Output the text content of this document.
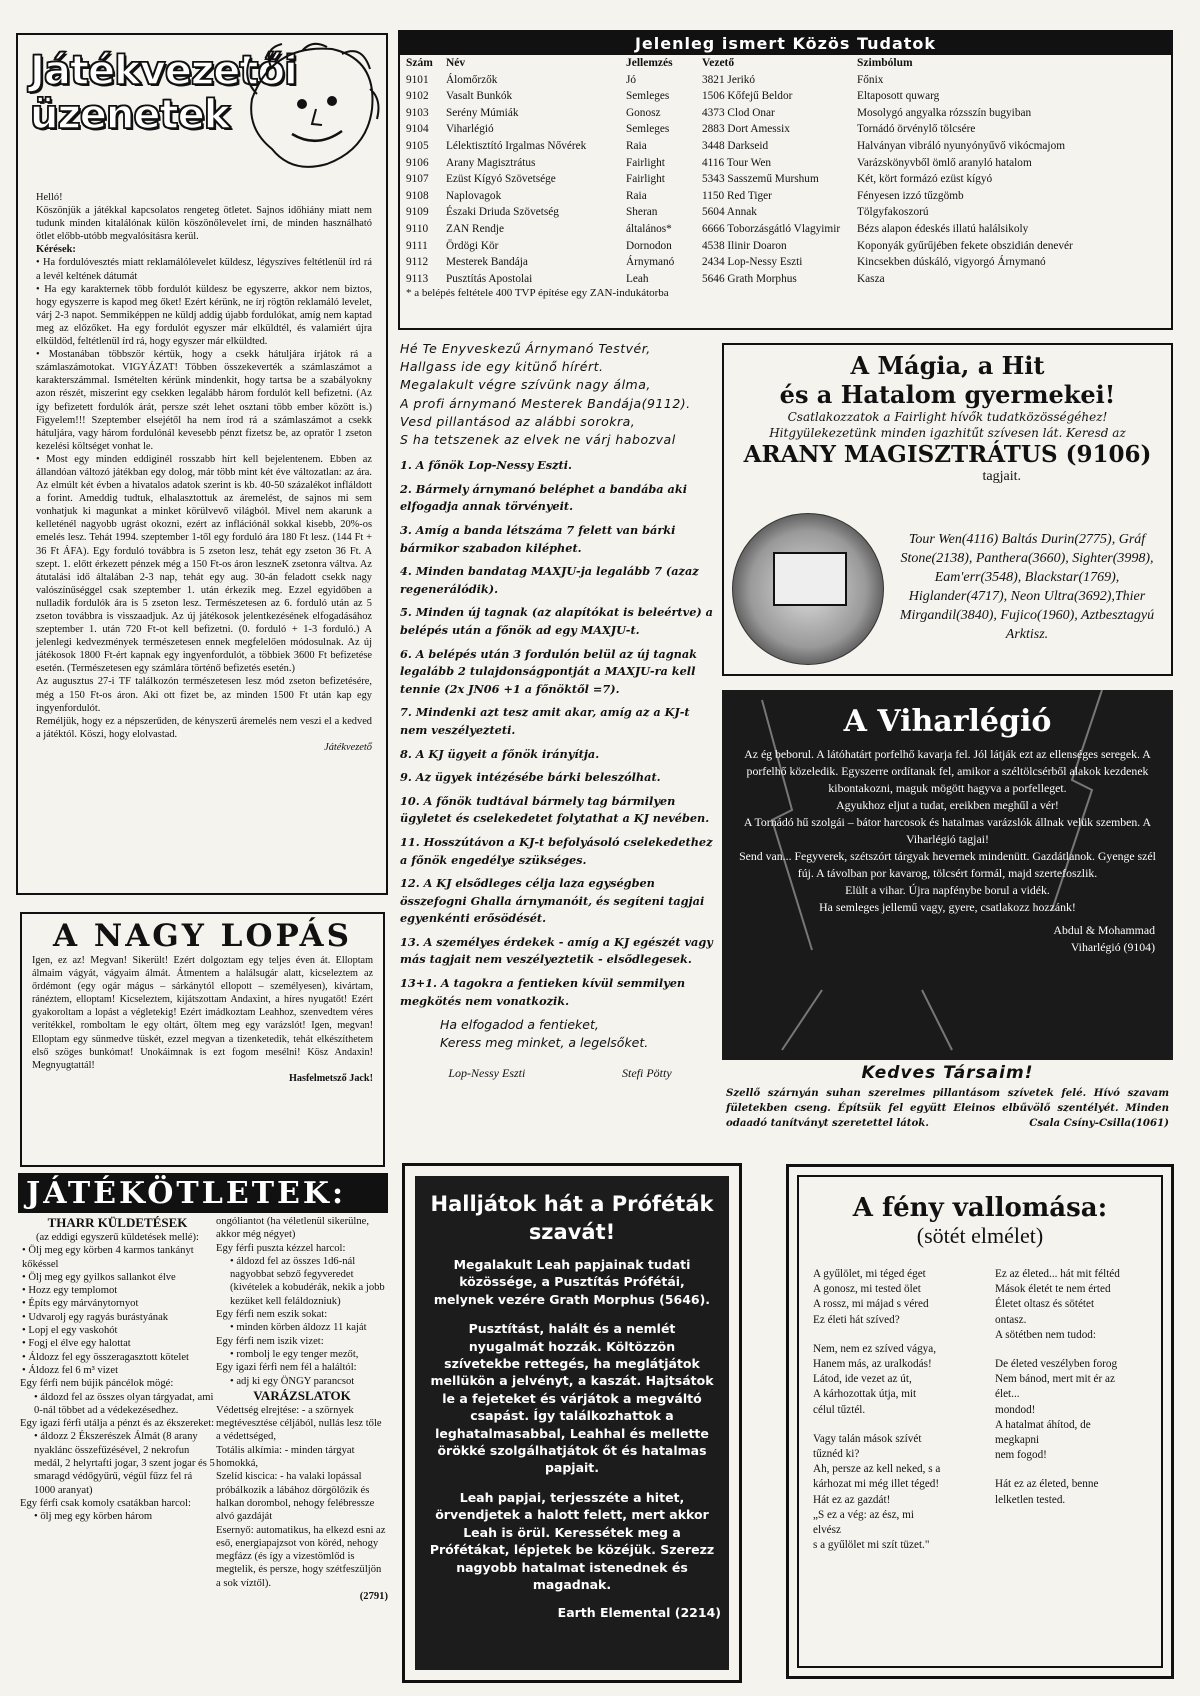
Játékvezetői
üzenetek

Helló!

Köszönjük a játékkal kapcsolatos rengeteg ötletet. Sajnos időhiány miatt nem tudunk minden kitalálónak külön köszönőlevelet írni, de minden használható ötlet előbb-utóbb megvalósításra kerül.

Kérések:

• Ha fordulóvesztés miatt reklamálólevelet küldesz, légyszíves feltétlenül írd rá a levél keltének dátumát

• Ha egy karakternek több fordulót küldesz be egyszerre, akkor nem biztos, hogy egyszerre is kapod meg őket! Ezért kérünk, ne írj rögtön reklamáló levelet, várj 2-3 napot. Semmiképpen ne küldj addig újabb fordulókat, amíg nem kaptad meg az előzőket. Ha egy fordulót egyszer már elküldtél, és valamiért újra elküldöd, feltétlenül írd rá, hogy egyszer már elküldted.

• Mostanában többször kértük, hogy a csekk hátuljára írjátok rá a számlaszámotokat. VIGYÁZAT! Többen összekeverték a számlaszámot a karakterszámmal. Ismételten kérünk mindenkit, hogy tartsa be a szabályokny azon részét, miszerint egy csekken legalább három fordulót kell befizetni. (Az így befizetett fordulók árát, persze szét lehet osztani több ember között is.) Figyelem!!! Szeptember elsejétől ha nem írod rá a számlaszámot a csekk hátuljára, vagy három fordulónál kevesebb pénzt fizetsz be, az opratör 1 zseton kezelési költséget vonhat le.

• Most egy minden eddiginél rosszabb hírt kell bejelentenem. Ebben az állandóan változó játékban egy dolog, már több mint két éve változatlan: az ára. Az elmúlt két évben a hivatalos adatok szerint is kb. 40-50 százalékot infláldott a forint. Ameddig tudtuk, elhalasztottuk az áremelést, de sajnos mi sem vonhatjuk ki magunkat a minket körülvevő világból. Mivel nem akarunk a kelleténél nagyobb ugrást okozni, ezért az inflációnál sokkal kisebb, 20%-os emelés lesz. Tehát 1994. szeptember 1-től egy forduló ára 180 Ft lesz. (144 Ft + 36 Ft ÁFA). Egy forduló továbbra is 5 zseton lesz, tehát egy zseton 36 Ft. A szept. 1. előtt érkezett pénzek még a 150 Ft-os áron leszneK zsetonra váltva. Az átutalási idő általában 2-3 nap, tehát egy aug. 30-án feladott csekk nagy valószínűséggel csak szeptember 1. után érkezik meg. Ezzel egyidőben a nulladik fordulók ára is 5 zseton lesz. Természetesen az 6. forduló után az 5 zseton továbbra is visszaadjuk. Az új játékosok jelentkezésének elfogadásához szeptember 1. után 720 Ft-ot kell befizetni. (0. forduló + 1-3 forduló.) A jelenlegi kedvezmények természetesen ennek megfelelően módosulnak. Az új játékosok 1800 Ft-ért kapnak egy ingyenfordulót, a többiek 3600 Ft befizetése esetén. (Természetesen egy számlára történő befizetés esetén.)

Az augusztus 27-i TF találkozón természetesen lesz mód zseton befizetésére, még a 150 Ft-os áron. Aki ott fizet be, az minden 1500 Ft után kap egy ingyenfordulót.

Reméljük, hogy ez a népszerűden, de kényszerű áremelés nem veszi el a kedved a játéktól. Köszi, hogy elolvastad.

Játékvezető

A NAGY LOPÁS

Igen, ez az! Megvan! Sikerült! Ezért dolgoztam egy teljes éven át. Elloptam álmaim vágyát, vágyaim álmát. Átmentem a halálsugár alatt, kicseleztem az őrdémont (egy ogár mágus – sárkánytól ellopott – személyesen), kivártam, ránéztem, elloptam! Kicseleztem, kijátszottam Andaxint, a híres nyugatőt! Ezért gyakoroltam a lopást a végletekig! Ezért imádkoztam Leahhoz, szenvedtem véres verítékkel, romboltam le egy oltárt, öltem meg egy varázslót! Igen, megvan! Elloptam egy sünmedve tüskét, ezzel megvan a tizenketedik, tehát elkészíthetem első szöges bunkómat! Unokáimnak is ezt fogom mesélni! Kösz Andaxin! Megnyugtattál!

Hasfelmetsző Jack!

JÁTÉKÖTLETEK:
THARR KÜLDETÉSEK
(az eddigi egyszerű küldetések mellé):
• Ölj meg egy körben 4 karmos tankányt kőkéssel
• Ölj meg egy gyilkos sallankot élve
• Hozz egy templomot
• Építs egy márványtornyot
• Udvarolj egy ragyás burástyának
• Lopj el egy vaskohót
• Fogj el élve egy halottat
• Áldozz fel egy összeragasztott kötelet
• Áldozz fel 6 m³ vizet
Egy férfi nem bújik páncélok mögé:
• áldozd fel az összes olyan tárgyadat, ami 0-nál többet ad a védekezésedhez.
Egy igazi férfi utálja a pénzt és az ékszereket:
• áldozz 2 Ékszerészek Álmát (8 arany nyaklánc összefűzésével, 2 nekrofun medál, 2 helyrtafti jogar, 3 szent jogar és 5 smaragd védőgyűrű, végül fűzz fel rá 1000 aranyat)
Egy férfi csak komoly csatákban harcol:
• ölj meg egy körben három
ongóliantot (ha véletlenül sikerülne, akkor még négyet)
Egy férfi puszta kézzel harcol:
• áldozd fel az összes 1d6-nál nagyobbat sebző fegyveredet (kivételek a kobudérák, nekik a jobb kezüket kell feláldozniuk)
Egy férfi nem eszik sokat:
• minden körben áldozz 11 kaját
Egy férfi nem iszik vizet:
• rombolj le egy tenger mezőt,
Egy igazi férfi nem fél a haláltól:
• adj ki egy ÖNGY parancsot
VARÁZSLATOK
Védettség elrejtése: - a szörnyek megtévesztése céljából, nullás lesz tőle a védettséged,
Totális alkímia: - minden tárgyat homokká,
Szelíd kiscica: - ha valaki lopással próbálkozik a lábához dörgölőzik és halkan dorombol, nehogy felébressze alvó gazdáját
Esernyő: automatikus, ha elkezd esni az eső, energiapajzsot von köréd, nehogy megfázz (és így a vizestömlőd is megtelik, és persze, hogy szétfeszüljön a sok víztől).
(2791)
Jelenleg ismert Közös Tudatok
Szám	Név	Jellemzés	Vezető	Szimbólum
9101	Álomőrzők	Jó	3821 Jerikó	Főnix
9102	Vasalt Bunkók	Semleges	1506 Kőfejű Beldor	Eltaposott quwarg
9103	Serény Múmiák	Gonosz	4373 Clod Onar	Mosolygó angyalka rózsszín bugyiban
9104	Viharlégió	Semleges	2883 Dort Amessix	Tornádó örvénylő tölcsére
9105	Lélektisztító Irgalmas Nővérek	Raia	3448 Darkseid	Halványan vibráló nyunyónyűvő vikócmajom
9106	Arany Magisztrátus	Fairlight	4116 Tour Wen	Varázskönyvből ömlő aranyló hatalom
9107	Ezüst Kígyó Szövetsége	Fairlight	5343 Sasszemű Murshum	Két, kört formázó ezüst kígyó
9108	Naplovagok	Raia	1150 Red Tiger	Fényesen izzó tűzgömb
9109	Északi Driuda Szövetség	Sheran	5604 Annak	Tölgyfakoszorú
9110	ZAN Rendje	általános*	6666 Toborzásgátló Vlagyimir	Bézs alapon édeskés illatú halálsikoly
9111	Ördögi Kör	Dornodon	4538 Ilinir Doaron	Koponyák gyűrűjében fekete obszidián denevér
9112	Mesterek Bandája	Árnymanó	2434 Lop-Nessy Eszti	Kincsekben dúskáló, vigyorgó Árnymanó
9113	Pusztítás Apostolai	Leah	5646 Grath Morphus	Kasza
* a belépés feltétele 400 TVP építése egy ZAN-indukátorba
Hé Te Enyveskezű Árnymanó Testvér,
Hallgass ide egy kitünő hírért.
Megalakult végre szívünk nagy álma,
A profi árnymanó Mesterek Bandája(9112).
Vesd pillantásod az alábbi sorokra,
S ha tetszenek az elvek ne várj habozval
1. A főnök Lop-Nessy Eszti.
2. Bármely árnymanó beléphet a bandába aki elfogadja annak törvényeit.
3. Amíg a banda létszáma 7 felett van bárki bármikor szabadon kiléphet.
4. Minden bandatag MAXJU-ja legalább 7 (azaz regenerálódik).
5. Minden új tagnak (az alapítókat is beleértve) a belépés után a főnök ad egy MAXJU-t.
6. A belépés után 3 fordulón belül az új tagnak legalább 2 tulajdonságpontját a MAXJU-ra kell tennie (2x JN06 +1 a főnöktől =7).
7. Mindenki azt tesz amit akar, amíg az a KJ-t nem veszélyezteti.
8. A KJ ügyeit a főnök irányítja.
9. Az ügyek intézésébe bárki beleszólhat.
10. A főnök tudtával bármely tag bármilyen ügyletet és cselekedetet folytathat a KJ nevében.
11. Hosszútávon a KJ-t befolyásoló cselekedethez a főnök engedélye szükséges.
12. A KJ elsődleges célja laza egységben összefogni Ghalla árnymanóit, és segíteni tagjai egyenkénti erősödését.
13. A személyes érdekek - amíg a KJ egészét vagy más tagjait nem veszélyeztetik - elsődlegesek.
13+1. A tagokra a fentieken kívül semmilyen megkötés nem vonatkozik.
Ha elfogadod a fentieket,
Keress meg minket, a legelsőket.
Lop-Nessy Eszti	Stefi Pötty
A Mágia, a Hit
és a Hatalom gyermekei!
Csatlakozzatok a Fairlight hívők tudatközösségéhez!
Hitgyülekezetünk minden igazhitűt szívesen lát. Keresd az
ARANY MAGISZTRÁTUS (9106)
tagjait.
Tour Wen(4116) Baltás Durin(2775), Gráf Stone(2138), Panthera(3660), Sighter(3998), Eam'err(3548), Blackstar(1769), Higlander(4717), Neon Ultra(3692),Thier Mirgandil(3840), Fujico(1960), Aztbesztagyú Arktisz.
A Viharlégió

Az ég beborul. A látóhatárt porfelhő kavarja fel. Jól látják ezt az ellenséges seregek. A porfelhő közeledik. Egyszerre ordítanak fel, amikor a széltölcsérből alakok kezdenek kibontakozni, maguk mögött hagyva a porfelleget.

Agyukhoz eljut a tudat, ereikben meghűl a vér!

A Tornádó hű szolgái – bátor harcosok és hatalmas varázslók állnak velük szemben. A Viharlégió tagjai!

Send van... Fegyverek, szétszórt tárgyak hevernek mindenütt. Gazdátlanok. Gyenge szél fúj. A távolban por kavarog, tölcsért formál, majd szertefoszlik.

Elült a vihar. Újra napfénybe borul a vidék.

Ha semleges jellemű vagy, gyere, csatlakozz hozzánk!

Abdul & Mohammad
Viharlégió (9104)
Kedves Társaim!
Szellő szárnyán suhan szerelmes pillantásom szívetek felé. Hívó szavam fületekben cseng. Építsük fel együtt Eleinos elbűvölő szentélyét. Minden odaadó tanítványt szeretettel látok.	Csala Csíny-Csilla(1061)
Halljátok hát a Próféták
szavát!

Megalakult Leah papjainak tudati közössége, a Pusztítás Prófétái, melynek vezére Grath Morphus (5646).

Pusztítást, halált és a nemlét nyugalmát hozzák. Költözzön szívetekbe rettegés, ha meglátjátok mellükön a jelvényt, a kaszát. Hajtsátok le a fejeteket és várjátok a megváltó csapást. Így találkozhattok a leghatalmasabbal, Leahhal és mellette örökké szolgálhatjátok őt és hatalmas papjait.

Leah papjai, terjesszéte a hitet, örvendjetek a halott felett, mert akkor Leah is örül. Keressétek meg a Prófétákat, lépjetek be közéjük. Szerezz nagyobb hatalmat istenednek és magadnak.

Earth Elemental (2214)
A fény vallomása:
(sötét elmélet)
A gyűlölet, mi téged éget
A gonosz, mi tested ölet
A rossz, mi májad s véred
Ez életi hát szíved?
Nem, nem ez szíved vágya,
Hanem más, az uralkodás!
Látod, ide vezet az út,
A kárhozottak útja, mit
célul tűztél.
Vagy talán mások szívét
tűznéd ki?
Ah, persze az kell neked, s a
kárhozat mi még illet téged!
Hát ez az gazdát!
„S ez a vég: az ész, mi
elvész
s a gyűlölet mi szít tüzet."
Ez az életed... hát mit féltéd
Mások életét te nem érted
Életet oltasz és sötétet
ontasz.
A sötétben nem tudod:
De életed veszélyben forog
Nem bánod, mert mit ér az
élet...
mondod!
A hatalmat áhítod, de
megkapni
nem fogod!
Hát ez az életed, benne
lelketlen tested.
